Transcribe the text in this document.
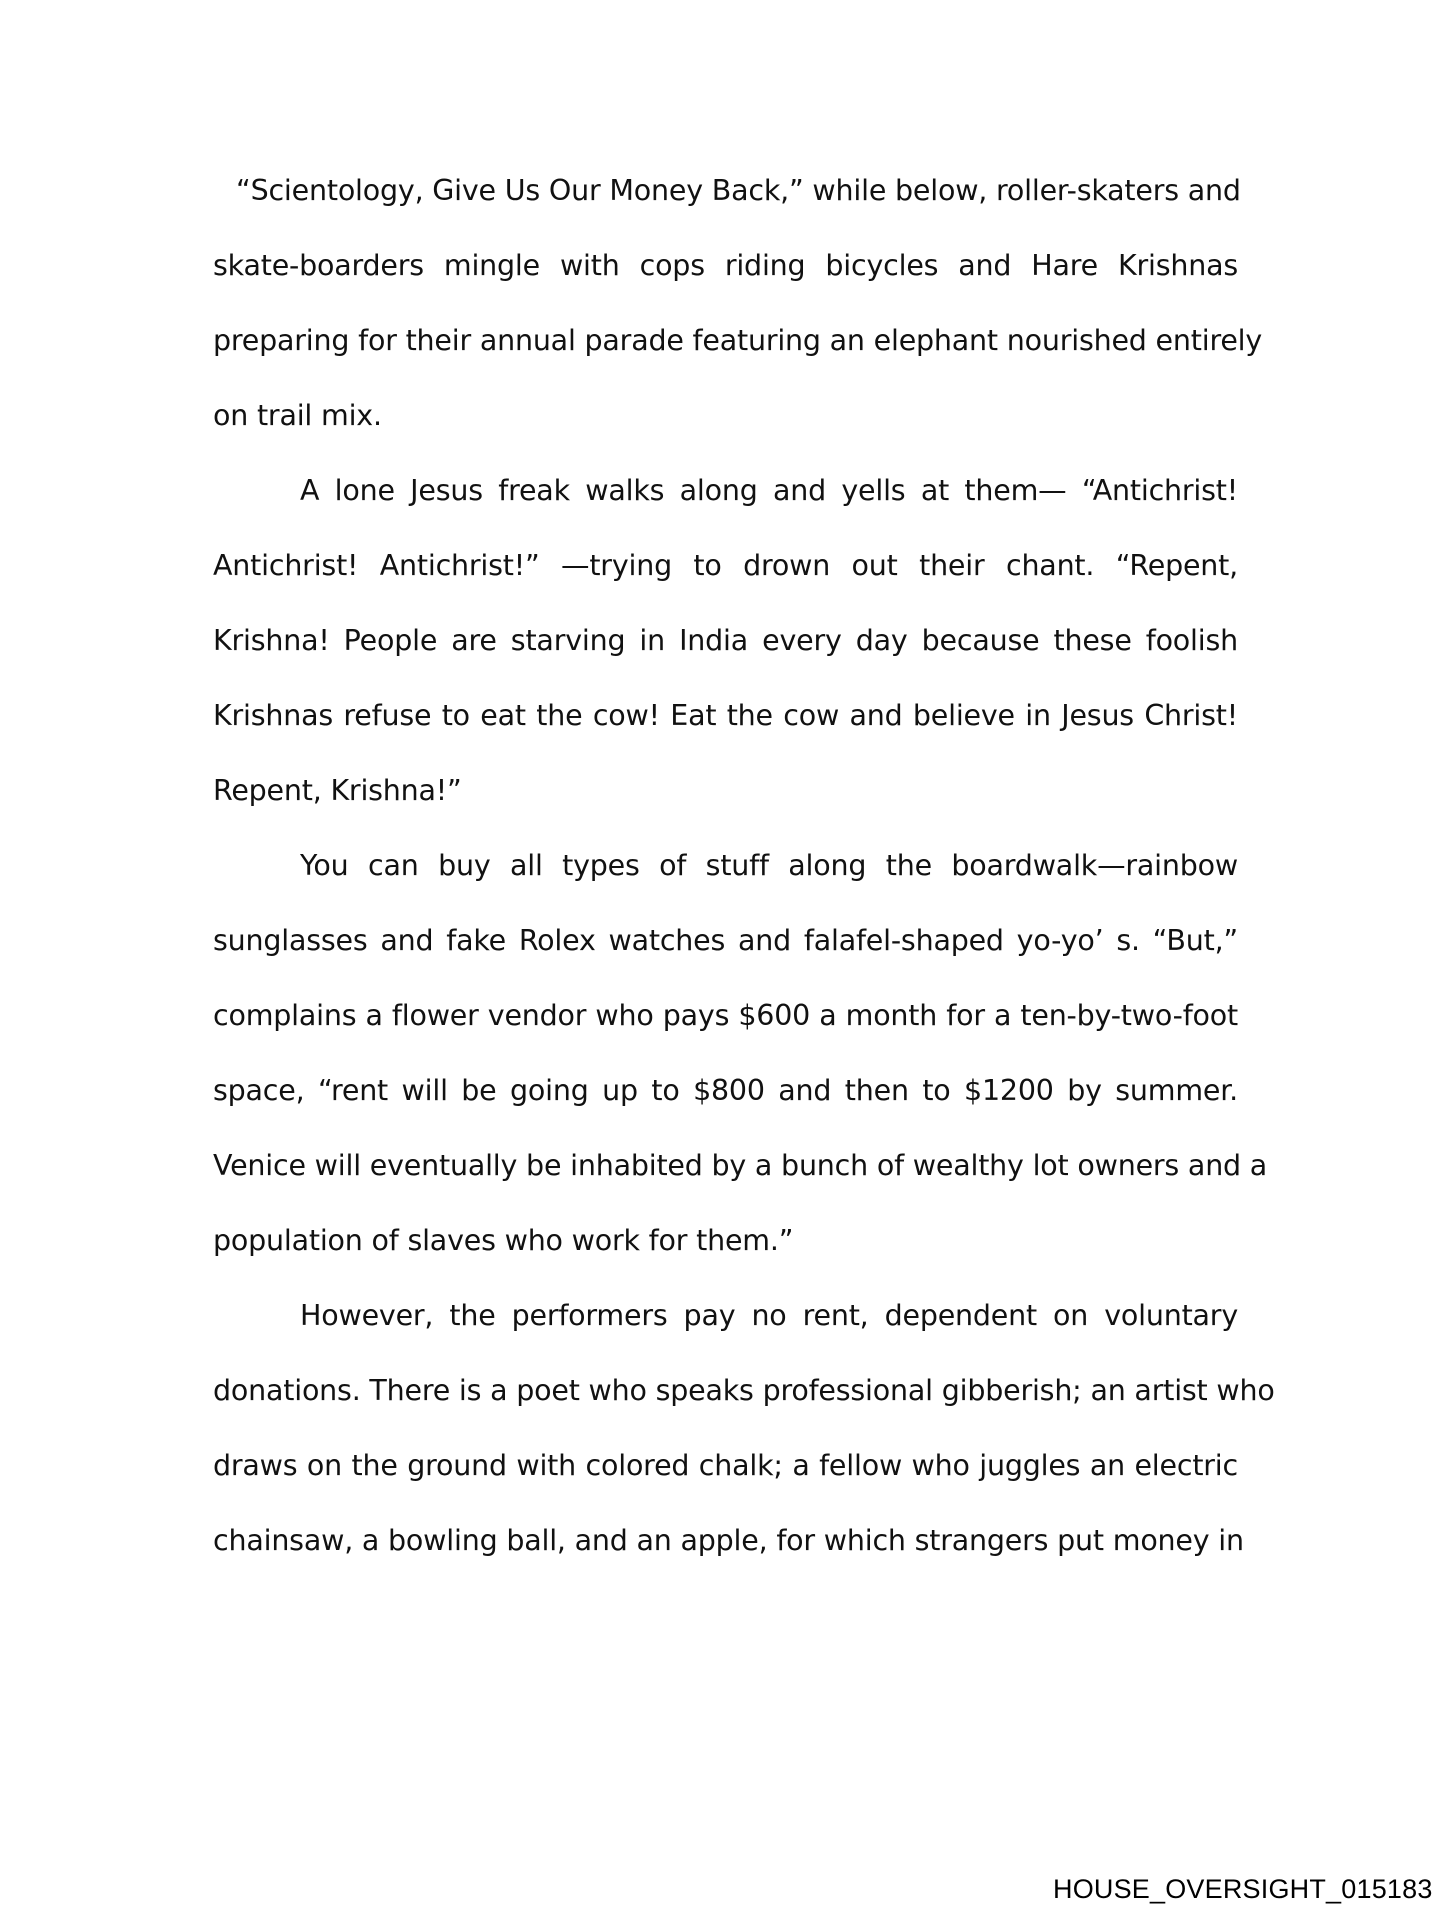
“Scientology, Give Us Our Money Back,” while below, roller-skaters and
skate-boarders mingle with cops riding bicycles and Hare Krishnas
preparing for their annual parade featuring an elephant nourished entirely
on trail mix.
A lone Jesus freak walks along and yells at them— “Antichrist!
Antichrist! Antichrist!” —trying to drown out their chant. “Repent,
Krishna! People are starving in India every day because these foolish
Krishnas refuse to eat the cow! Eat the cow and believe in Jesus Christ!
Repent, Krishna!”
You can buy all types of stuff along the boardwalk—rainbow
sunglasses and fake Rolex watches and falafel-shaped yo-yo’ s. “But,”
complains a flower vendor who pays $600 a month for a ten-by-two-foot
space, “rent will be going up to $800 and then to $1200 by summer.
Venice will eventually be inhabited by a bunch of wealthy lot owners and a
population of slaves who work for them.”
However, the performers pay no rent, dependent on voluntary
donations. There is a poet who speaks professional gibberish; an artist who
draws on the ground with colored chalk; a fellow who juggles an electric
chainsaw, a bowling ball, and an apple, for which strangers put money in
HOUSE_OVERSIGHT_015183
